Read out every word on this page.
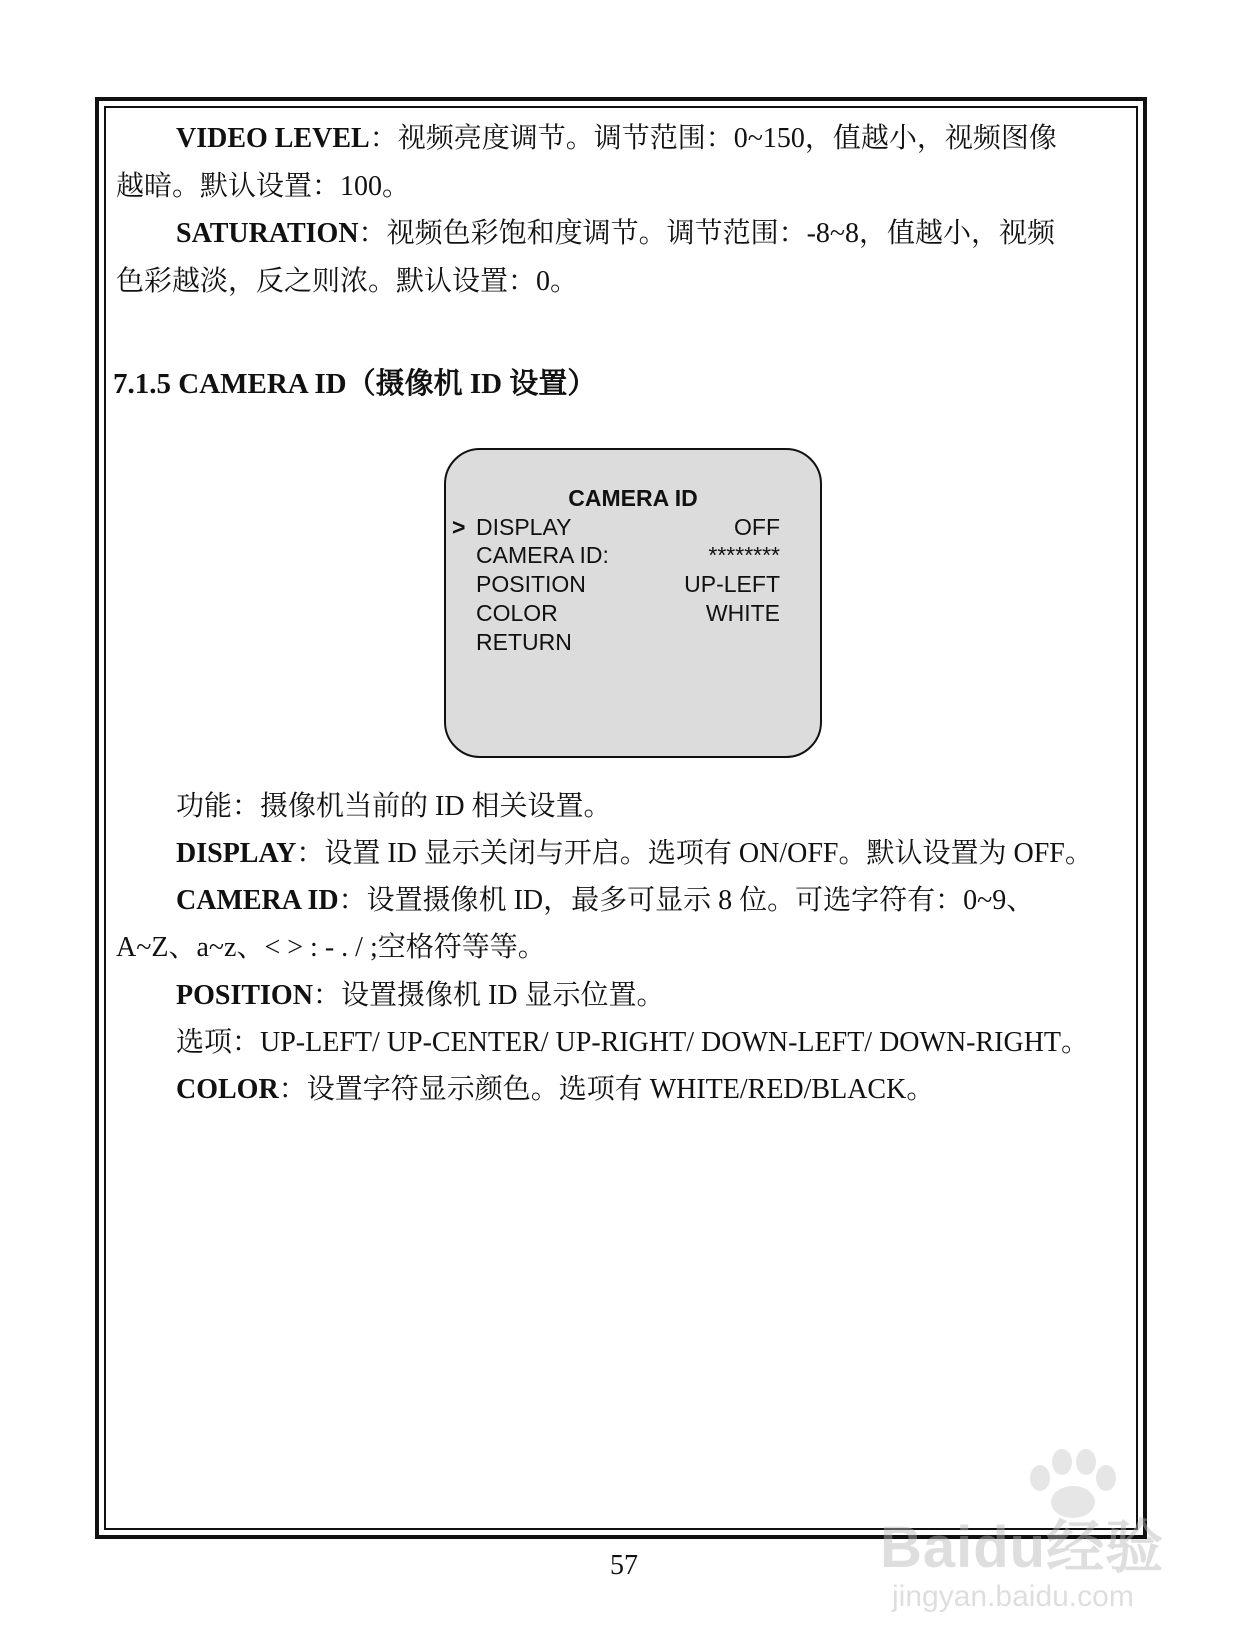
VIDEO LEVEL：视频亮度调节。调节范围：0~150，值越小，视频图像
越暗。默认设置：100。
SATURATION：视频色彩饱和度调节。调节范围：-8~8，值越小，视频
色彩越淡，反之则浓。默认设置：0。
7.1.5 CAMERA ID（摄像机 ID 设置）
CAMERA ID
> DISPLAY	OFF
CAMERA ID:	********
POSITION	UP-LEFT
COLOR	WHITE
RETURN
功能：摄像机当前的 ID 相关设置。
DISPLAY：设置 ID 显示关闭与开启。选项有 ON/OFF。默认设置为 OFF。
CAMERA ID：设置摄像机 ID，最多可显示 8 位。可选字符有：0~9、
A~Z、a~z、< > : - . / ;空格符等等。
POSITION：设置摄像机 ID 显示位置。
选项：UP-LEFT/ UP-CENTER/ UP-RIGHT/ DOWN-LEFT/ DOWN-RIGHT。
COLOR：设置字符显示颜色。选项有 WHITE/RED/BLACK。
57	Baidu经验
jingyan.baidu.com
